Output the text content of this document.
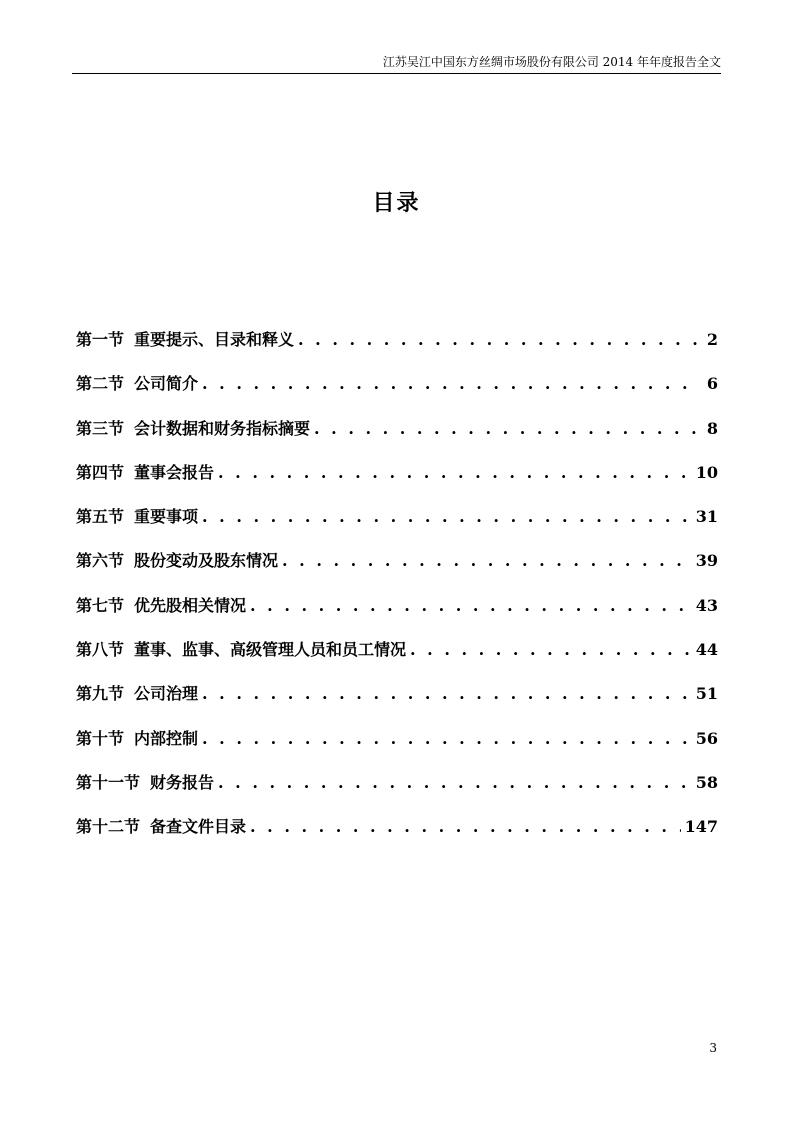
江苏吴江中国东方丝绸市场股份有限公司 2014 年年度报告全文
目录
第一节 重要提示、目录和释义 . . .	2
第二节 公司简介 . . .	6
第三节 会计数据和财务指标摘要 . . .	8
第四节 董事会报告 . . .	10
第五节 重要事项 . . .	31
第六节 股份变动及股东情况 . . .	39
第七节 优先股相关情况 . . .	43
第八节 董事、监事、高级管理人员和员工情况 . . .	44
第九节 公司治理 . . .	51
第十节 内部控制 . . .	56
第十一节 财务报告 . . .	58
第十二节 备查文件目录 . . .	147
3
